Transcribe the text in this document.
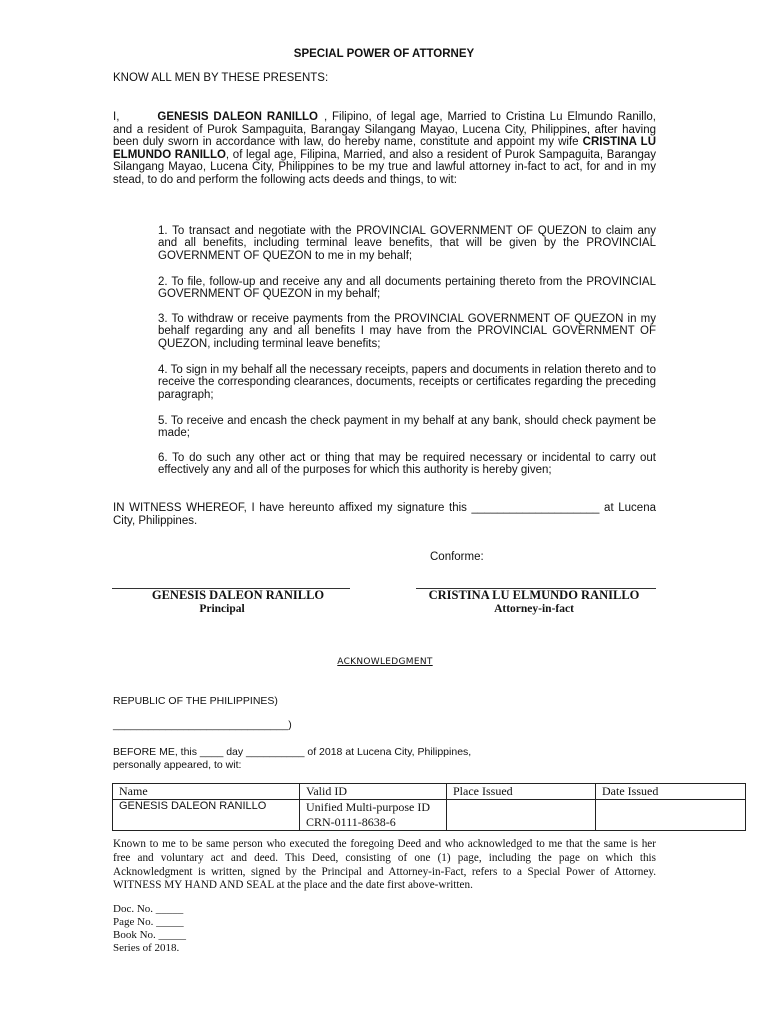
SPECIAL POWER OF ATTORNEY
KNOW ALL MEN BY THESE PRESENTS:
I,	GENESIS DALEON RANILLO , Filipino, of legal age, Married to Cristina Lu Elmundo Ranillo, and a resident of Purok Sampaguita, Barangay Silangang Mayao, Lucena City, Philippines, after having been duly sworn in accordance with law, do hereby name, constitute and appoint my wife CRISTINA LU ELMUNDO RANILLO, of legal age, Filipina, Married, and also a resident of Purok Sampaguita, Barangay Silangang Mayao, Lucena City, Philippines to be my true and lawful attorney in-fact to act, for and in my stead, to do and perform the following acts deeds and things, to wit:
1. To transact and negotiate with the PROVINCIAL GOVERNMENT OF QUEZON to claim any and all benefits, including terminal leave benefits, that will be given by the PROVINCIAL GOVERNMENT OF QUEZON to me in my behalf;
2. To file, follow-up and receive any and all documents pertaining thereto from the PROVINCIAL GOVERNMENT OF QUEZON in my behalf;
3. To withdraw or receive payments from the PROVINCIAL GOVERNMENT OF QUEZON in my behalf regarding any and all benefits I may have from the PROVINCIAL GOVERNMENT OF QUEZON, including terminal leave benefits;
4. To sign in my behalf all the necessary receipts, papers and documents in relation thereto and to receive the corresponding clearances, documents, receipts or certificates regarding the preceding paragraph;
5. To receive and encash the check payment in my behalf at any bank, should check payment be made;
6. To do such any other act or thing that may be required necessary or incidental to carry out effectively any and all of the purposes for which this authority is hereby given;
IN WITNESS WHEREOF, I have hereunto affixed my signature this ____________________ at Lucena City, Philippines.
Conforme:
GENESIS DALEON RANILLO
Principal
CRISTINA LU ELMUNDO RANILLO
Attorney-in-fact
ACKNOWLEDGMENT
REPUBLIC OF THE PHILIPPINES)
______________________________)
BEFORE ME, this ____ day __________ of 2018 at Lucena City, Philippines,
personally appeared, to wit:
Name	Valid ID	Place Issued	Date Issued
GENESIS DALEON RANILLO	Unified Multi-purpose ID CRN-0111-8638-6		
Known to me to be same person who executed the foregoing Deed and who acknowledged to me that the same is her free and voluntary act and deed. This Deed, consisting of one (1) page, including the page on which this Acknowledgment is written, signed by the Principal and Attorney-in-Fact, refers to a Special Power of Attorney. WITNESS MY HAND AND SEAL at the place and the date first above-written.
Doc. No. _____
Page No. _____
Book No. _____
Series of 2018.
